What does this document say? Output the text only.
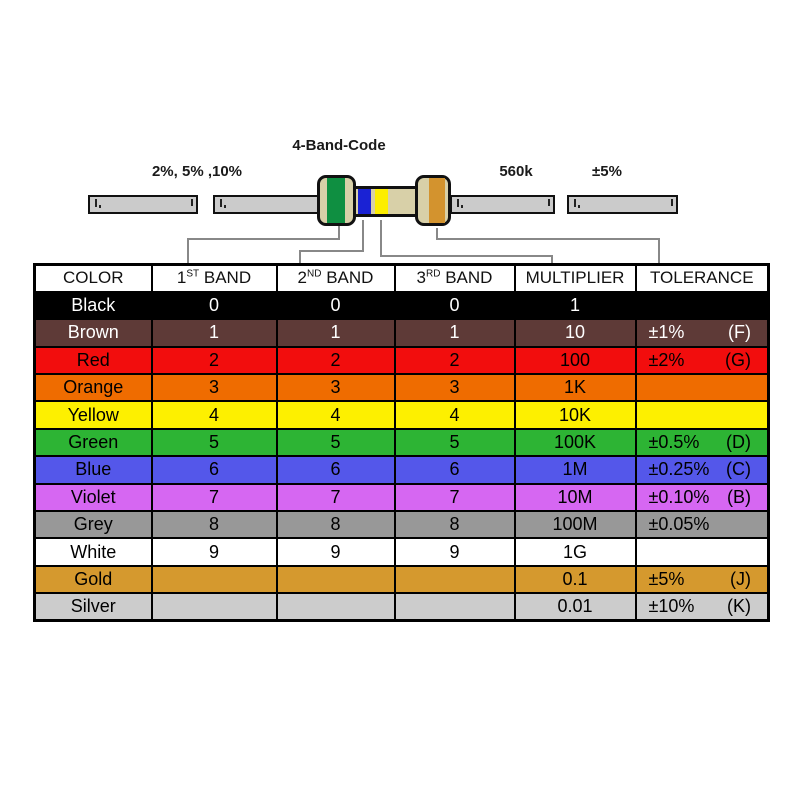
4-Band-Code
2%, 5% ,10%	560k	±5%
COLOR	1ST BAND	2ND BAND	3RD BAND	MULTIPLIER	TOLERANCE
Black	0	0	0	1	
Brown	1	1	1	10	±1% (F)

Red	2	2	2	100	±2% (G)

Orange	3	3	3	1K	
Yellow	4	4	4	10K	
Green	5	5	5	100K	±0.5% (D)

Blue	6	6	6	1M	±0.25% (C)

Violet	7	7	7	10M	±0.10% (B)

Grey	8	8	8	100M	±0.05%

White	9	9	9	1G	
Gold				0.1	±5% (J)

Silver				0.01	±10% (K)
